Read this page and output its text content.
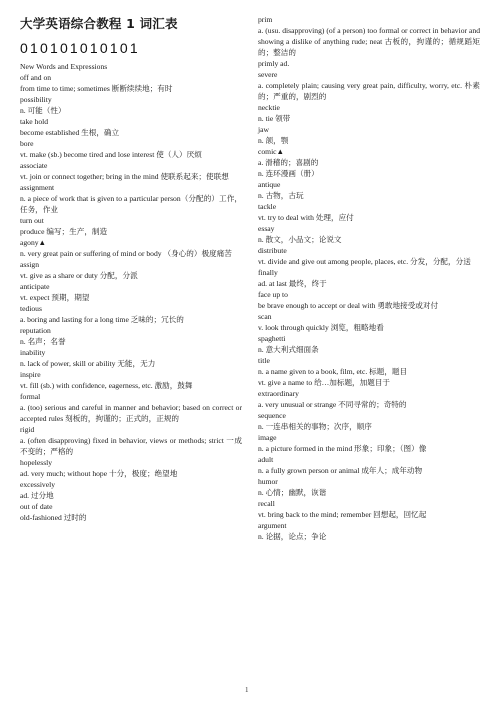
大学英语综合教程 1 词汇表
010101010101
New Words and Expressions
off and on
from time to time; sometimes 断断续续地；有时
possibility
n. 可能（性）
take hold
become established 生根，确立
bore
vt. make (sb.) become tired and lose interest 使（人）厌烦
associate
vt. join or connect together; bring in the mind 使联系起来；使联想
assignment
n. a piece of work that is given to a particular person（分配的）工作，任务，作业
turn out
produce 编写；生产，制造
agony▲
n. very great pain or suffering of mind or body （身心的）极度痛苦
assign
vt. give as a share or duty 分配，分派
anticipate
vt. expect 预期，期望
tedious
a. boring and lasting for a long time 乏味的；冗长的
reputation
n. 名声；名誉
inability
n. lack of power, skill or ability 无能，无力
inspire
vt. fill (sb.) with confidence, eagerness, etc. 激励，鼓舞
formal
a. (too) serious and careful in manner and behavior; based on correct or accepted rules 刻板的，拘谨的；正式的，正规的
rigid
a. (often disapproving) fixed in behavior, views or methods; strict 一成不变的；严格的
hopelessly
ad. very much; without hope 十分，极度；绝望地
excessively
ad. 过分地
out of date
old-fashioned 过时的
prim
a. (usu. disapproving) (of a person) too formal or correct in behavior and showing a dislike of anything rude; neat 古板的，拘谨的；循规蹈矩的；整洁的
primly ad.
severe
a. completely plain; causing very great pain, difficulty, worry, etc. 朴素的；严重的，剧烈的
necktie
n. tie 领带
jaw
n. 颌，颚
comic▲
a. 滑稽的；喜剧的
n. 连环漫画（册）
antique
n. 古物，古玩
tackle
vt. try to deal with 处理，应付
essay
n. 散文，小品文；论说文
distribute
vt. divide and give out among people, places, etc. 分发，分配，分送
finally
ad. at last 最终，终于
face up to
be brave enough to accept or deal with 勇敢地接受或对付
scan
v. look through quickly 浏览，粗略地看
spaghetti
n. 意大利式细面条
title
n. a name given to a book, film, etc. 标题，题目
vt. give a name to 给…加标题，加题目于
extraordinary
a. very unusual or strange 不同寻常的；奇特的
sequence
n. 一连串相关的事物；次序，顺序
image
n. a picture formed in the mind 形象；印象；（图）像
adult
n. a fully grown person or animal 成年人；成年动物
humor
n. 心情；幽默，诙谐
recall
vt. bring back to the mind; remember 回想起，回忆起
argument
n. 论据，论点；争论
1
